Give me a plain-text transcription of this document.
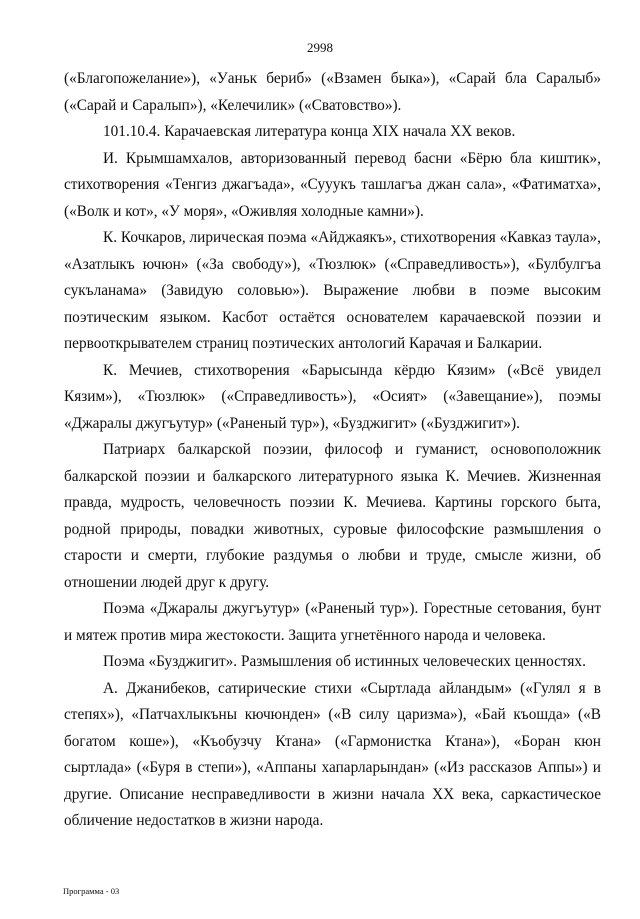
2998

(«Благопожелание»), «Уаньк бериб» («Взамен быка»), «Сарай бла Саралыб» («Сарай и Саралып»), «Келечилик» («Сватовство»).

101.10.4. Карачаевская литература конца XIX начала XX веков.

И. Крымшамхалов, авторизованный перевод басни «Бёрю бла киштик», стихотворения «Тенгиз джагъада», «Сууукъ ташлагъа джан сала», «Фатиматха», («Волк и кот», «У моря», «Оживляя холодные камни»).

К. Кочкаров, лирическая поэма «Айджаякъ», стихотворения «Кавказ таула», «Азатлыкъ ючюн» («За свободу»), «Тюзлюк» («Справедливость»), «Булбулгъа сукъланама» (Завидую соловью»). Выражение любви в поэме высоким поэтическим языком. Касбот остаётся основателем карачаевской поэзии и первооткрывателем страниц поэтических антологий Карачая и Балкарии.

К. Мечиев, стихотворения «Барысында кёрдю Кязим» («Всё увидел Кязим»), «Тюзлюк» («Справедливость»), «Осият» («Завещание»), поэмы «Джаралы джугъутур» («Раненый тур»), «Бузджигит» («Бузджигит»).

Патриарх балкарской поэзии, философ и гуманист, основоположник балкарской поэзии и балкарского литературного языка К. Мечиев. Жизненная правда, мудрость, человечность поэзии К. Мечиева. Картины горского быта, родной природы, повадки животных, суровые философские размышления о старости и смерти, глубокие раздумья о любви и труде, смысле жизни, об отношении людей друг к другу.

Поэма «Джаралы джугъутур» («Раненый тур»). Горестные сетования, бунт и мятеж против мира жестокости. Защита угнетённого народа и человека.

Поэма «Бузджигит». Размышления об истинных человеческих ценностях.

А. Джанибеков, сатирические стихи «Сыртлада айландым» («Гулял я в степях»), «Патчахлыкъны кючюнден» («В силу царизма»), «Бай къошда» («В богатом коше»), «Къобузчу Ктана» («Гармонистка Ктана»), «Боран кюн сыртлада» («Буря в степи»), «Аппаны хапарларындан» («Из рассказов Аппы») и другие. Описание несправедливости в жизни начала XX века, саркастическое обличение недостатков в жизни народа.

Программа - 03
